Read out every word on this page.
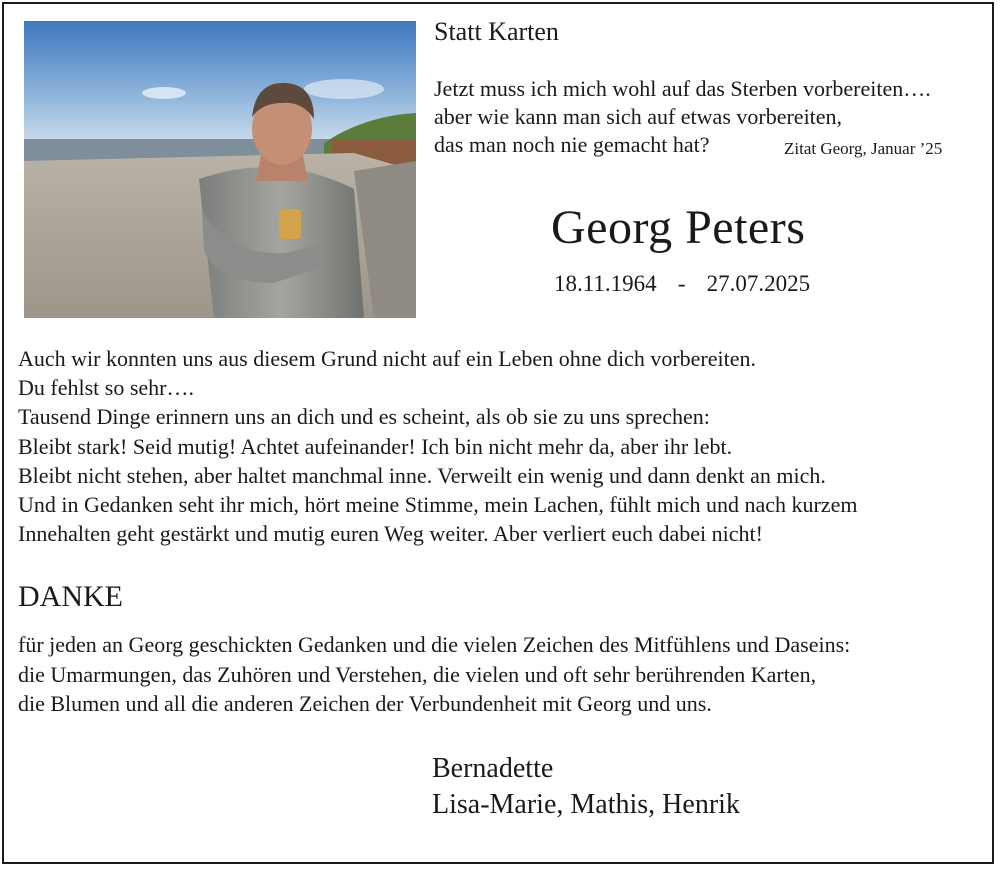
Statt Karten
Jetzt muss ich mich wohl auf das Sterben vorbereiten….
aber wie kann man sich auf etwas vorbereiten,
das man noch nie gemacht hat?	Zitat Georg, Januar ’25
Georg Peters
18.11.1964 - 27.07.2025
Auch wir konnten uns aus diesem Grund nicht auf ein Leben ohne dich vorbereiten.
Du fehlst so sehr….
Tausend Dinge erinnern uns an dich und es scheint, als ob sie zu uns sprechen:
Bleibt stark! Seid mutig! Achtet aufeinander! Ich bin nicht mehr da, aber ihr lebt.
Bleibt nicht stehen, aber haltet manchmal inne. Verweilt ein wenig und dann denkt an mich.
Und in Gedanken seht ihr mich, hört meine Stimme, mein Lachen, fühlt mich und nach kurzem
Innehalten geht gestärkt und mutig euren Weg weiter. Aber verliert euch dabei nicht!
DANKE
für jeden an Georg geschickten Gedanken und die vielen Zeichen des Mitfühlens und Daseins:
die Umarmungen, das Zuhören und Verstehen, die vielen und oft sehr berührenden Karten,
die Blumen und all die anderen Zeichen der Verbundenheit mit Georg und uns.
Bernadette
Lisa-Marie, Mathis, Henrik
